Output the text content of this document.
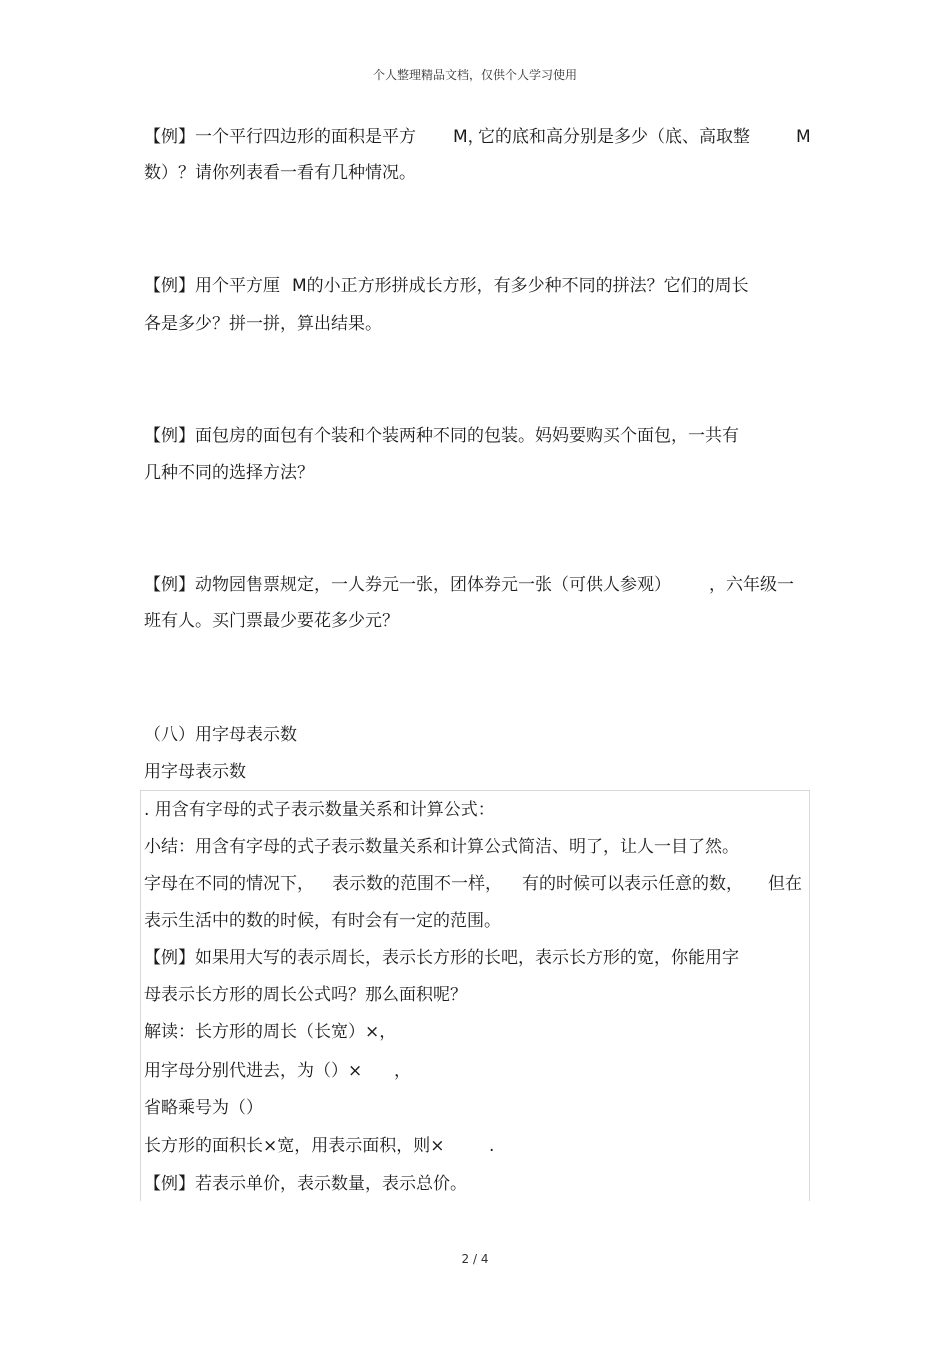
个人整理精品文档，仅供个人学习使用
【例】一个平行四边形的面积是平方 M，
它的底和高分别是多少（底、高取整	M
数）？请你列表看一看有几种情况。
【例】用个平方厘 M的小正方形拼成长方形，有多少种不同的拼法？它们的周长
各是多少？拼一拼，算出结果。
【例】面包房的面包有个装和个装两种不同的包装。妈妈要购买个面包，一共有
几种不同的选择方法？
【例】动物园售票规定，一人券元一张，团体券元一张（可供人参观） ，六年级一
班有人。买门票最少要花多少元？
（八）用字母表示数
用字母表示数
. 用含有字母的式子表示数量关系和计算公式：
小结：用含有字母的式子表示数量关系和计算公式简洁、明了，让人一目了然。
字母在不同的情况下， 表示数的范围不一样， 有的时候可以表示任意的数， 但在
表示生活中的数的时候，有时会有一定的范围。
【例】如果用大写的表示周长，表示长方形的长吧，表示长方形的宽，你能用字
母表示长方形的周长公式吗？那么面积呢？
解读：长方形的周长（长宽）×，
用字母分别代进去，为（）× ，
省略乘号为（）
长方形的面积长×宽，用表示面积，则×	.
【例】若表示单价，表示数量，表示总价。
2 / 4
